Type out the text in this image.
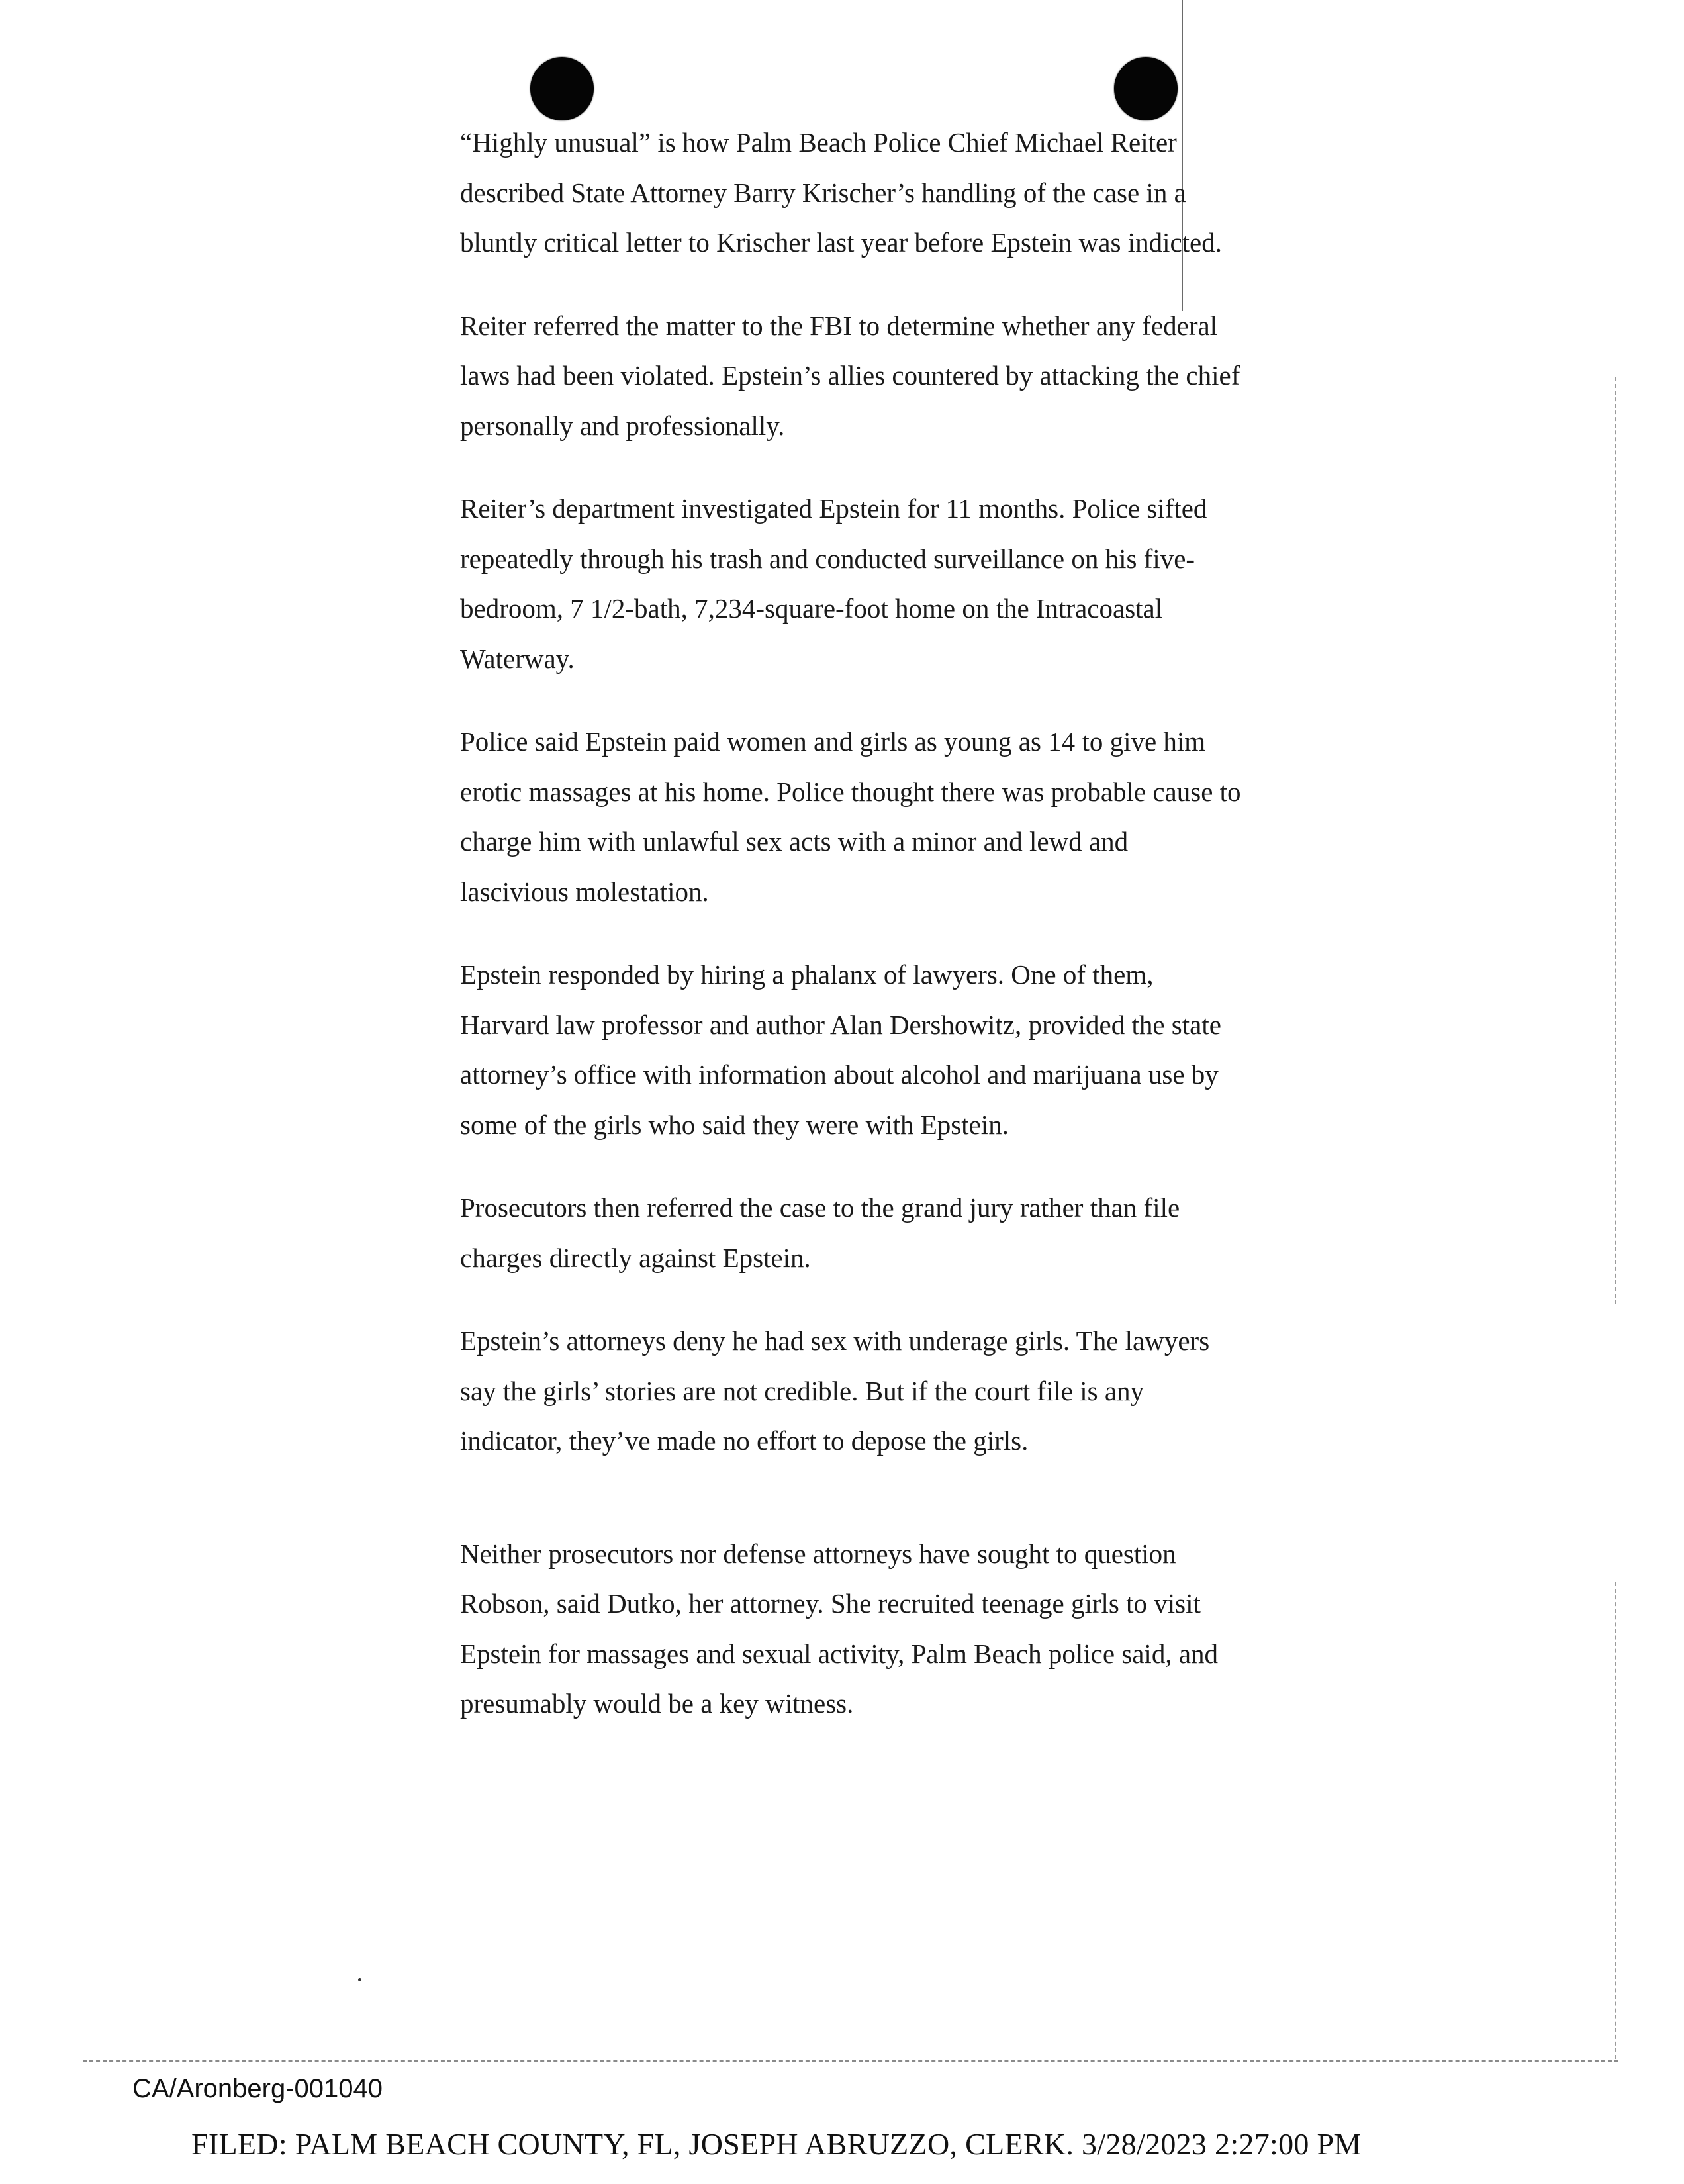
“Highly unusual” is how Palm Beach Police Chief Michael Reiter described State Attorney Barry Krischer’s handling of the case in a bluntly critical letter to Krischer last year before Epstein was indicted.

Reiter referred the matter to the FBI to determine whether any federal laws had been violated. Epstein’s allies countered by attacking the chief personally and professionally.

Reiter’s department investigated Epstein for 11 months. Police sifted repeatedly through his trash and conducted surveillance on his five-bedroom, 7 1/2-bath, 7,234-square-foot home on the Intracoastal Waterway.

Police said Epstein paid women and girls as young as 14 to give him erotic massages at his home. Police thought there was probable cause to charge him with unlawful sex acts with a minor and lewd and lascivious molestation.

Epstein responded by hiring a phalanx of lawyers. One of them, Harvard law professor and author Alan Dershowitz, provided the state attorney’s office with information about alcohol and marijuana use by some of the girls who said they were with Epstein.

Prosecutors then referred the case to the grand jury rather than file charges directly against Epstein.

Epstein’s attorneys deny he had sex with underage girls. The lawyers say the girls’ stories are not credible. But if the court file is any indicator, they’ve made no effort to depose the girls.

Neither prosecutors nor defense attorneys have sought to question Robson, said Dutko, her attorney. She recruited teenage girls to visit Epstein for massages and sexual activity, Palm Beach police said, and presumably would be a key witness.

CA/Aronberg-001040
FILED: PALM BEACH COUNTY, FL, JOSEPH ABRUZZO, CLERK. 3/28/2023 2:27:00 PM
